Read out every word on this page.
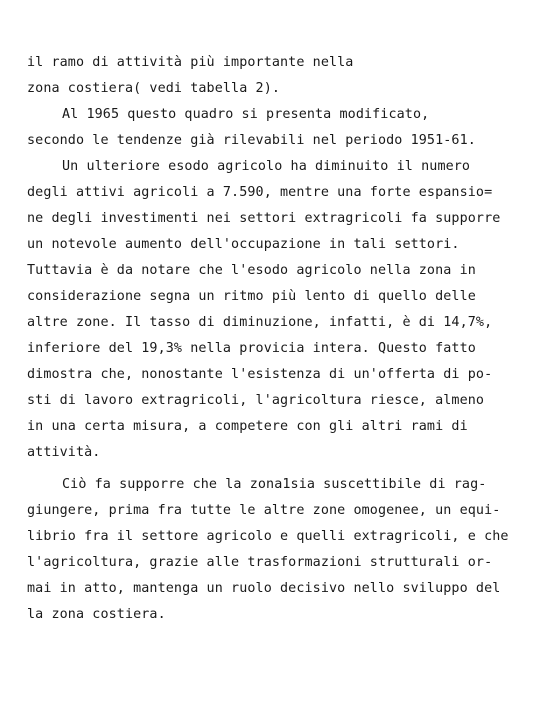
il ramo di attività più importante nella
zona costiera( vedi tabella 2).
Al 1965 questo quadro si presenta modificato,
secondo le tendenze già rilevabili nel periodo 1951-61.
Un ulteriore esodo agricolo ha diminuito il numero
degli attivi agricoli a 7.590, mentre una forte espansio=
ne degli investimenti nei settori extragricoli fa supporre
un notevole aumento dell'occupazione in tali settori.
Tuttavia è da notare che l'esodo agricolo nella zona in
considerazione segna un ritmo più lento di quello delle
altre zone. Il tasso di diminuzione, infatti, è di 14,7%,
inferiore del 19,3% nella provicia intera. Questo fatto
dimostra che, nonostante l'esistenza di un'offerta di po-
sti di lavoro extragricoli, l'agricoltura riesce, almeno
in una certa misura, a competere con gli altri rami di
attività.
Ciò fa supporre che la zona1sia suscettibile di rag-
giungere, prima fra tutte le altre zone omogenee, un equi-
librio fra il settore agricolo e quelli extragricoli, e che
l'agricoltura, grazie alle trasformazioni strutturali or-
mai in atto, mantenga un ruolo decisivo nello sviluppo del
la zona costiera.
